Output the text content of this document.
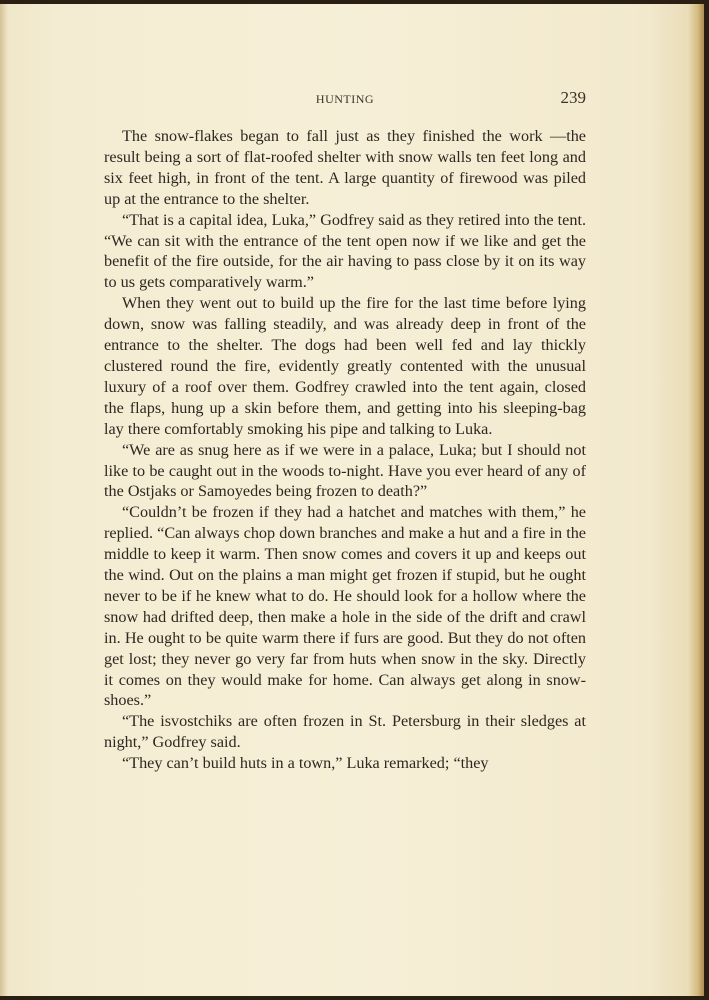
HUNTING	239

The snow-flakes began to fall just as they finished the work —the result being a sort of flat-roofed shelter with snow walls ten feet long and six feet high, in front of the tent. A large quantity of firewood was piled up at the entrance to the shelter.

“That is a capital idea, Luka,” Godfrey said as they retired into the tent. “We can sit with the entrance of the tent open now if we like and get the benefit of the fire outside, for the air having to pass close by it on its way to us gets comparatively warm.”

When they went out to build up the fire for the last time before lying down, snow was falling steadily, and was already deep in front of the entrance to the shelter. The dogs had been well fed and lay thickly clustered round the fire, evidently greatly contented with the unusual luxury of a roof over them. Godfrey crawled into the tent again, closed the flaps, hung up a skin before them, and getting into his sleeping-bag lay there comfortably smoking his pipe and talking to Luka.

“We are as snug here as if we were in a palace, Luka; but I should not like to be caught out in the woods to-night. Have you ever heard of any of the Ostjaks or Samoyedes being frozen to death?”

“Couldn’t be frozen if they had a hatchet and matches with them,” he replied. “Can always chop down branches and make a hut and a fire in the middle to keep it warm. Then snow comes and covers it up and keeps out the wind. Out on the plains a man might get frozen if stupid, but he ought never to be if he knew what to do. He should look for a hollow where the snow had drifted deep, then make a hole in the side of the drift and crawl in. He ought to be quite warm there if furs are good. But they do not often get lost; they never go very far from huts when snow in the sky. Directly it comes on they would make for home. Can always get along in snow-shoes.”

“The isvostchiks are often frozen in St. Petersburg in their sledges at night,” Godfrey said.

“They can’t build huts in a town,” Luka remarked; “they
